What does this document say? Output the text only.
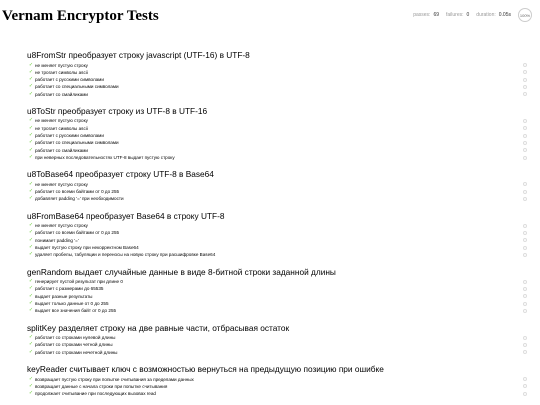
Vernam Encryptor Tests	passes: 69 failures: 0 duration: 0.05s	100%
u8FromStr преобразует строку javascript (UTF-16) в UTF-8
✓ не меняет пустую строку
✓ не трогает символы ascii
✓ работает с русскими символами
✓ работает со специальными символами
✓ работает со смайликами
u8ToStr преобразует строку из UTF-8 в UTF-16
✓ не меняет пустую строку
✓ не трогает символы ascii
✓ работает с русскими символами
✓ работает со специальными символами
✓ работает со смайликами
✓ при неверных последовательностях UTF-8 выдает пустую строку
u8ToBase64 преобразует строку UTF-8 в Base64
✓ не меняет пустую строку
✓ работает со всеми байтами от 0 до 255
✓ добавляет padding '=' при необходимости
u8FromBase64 преобразует Base64 в строку UTF-8
✓ не меняет пустую строку
✓ работает со всеми байтами от 0 до 255
✓ понимает padding '='
✓ выдает пустую строку при некорректном Base64
✓ удаляет пробелы, табуляции и переносы на новую строку при расшифровке Base64
genRandom выдает случайные данные в виде 8-битной строки заданной длины
✓ генерирует пустой результат при длине 0
✓ работает с размерами до 65535
✓ выдает разные результаты
✓ выдает только данные от 0 до 255
✓ выдает все значения байт от 0 до 255
splitKey разделяет строку на две равные части, отбрасывая остаток
✓ работает со строками нулевой длины
✓ работает со строками четной длины
✓ работает со строками нечетной длины
keyReader считывает ключ с возможностью вернуться на предыдущую позицию при ошибке
✓ возвращает пустую строку при попытке считывания за пределами данных
✓ возвращает данные с начала строки при попытке считывания
✓ продолжает считывание при последующих вызовах read
